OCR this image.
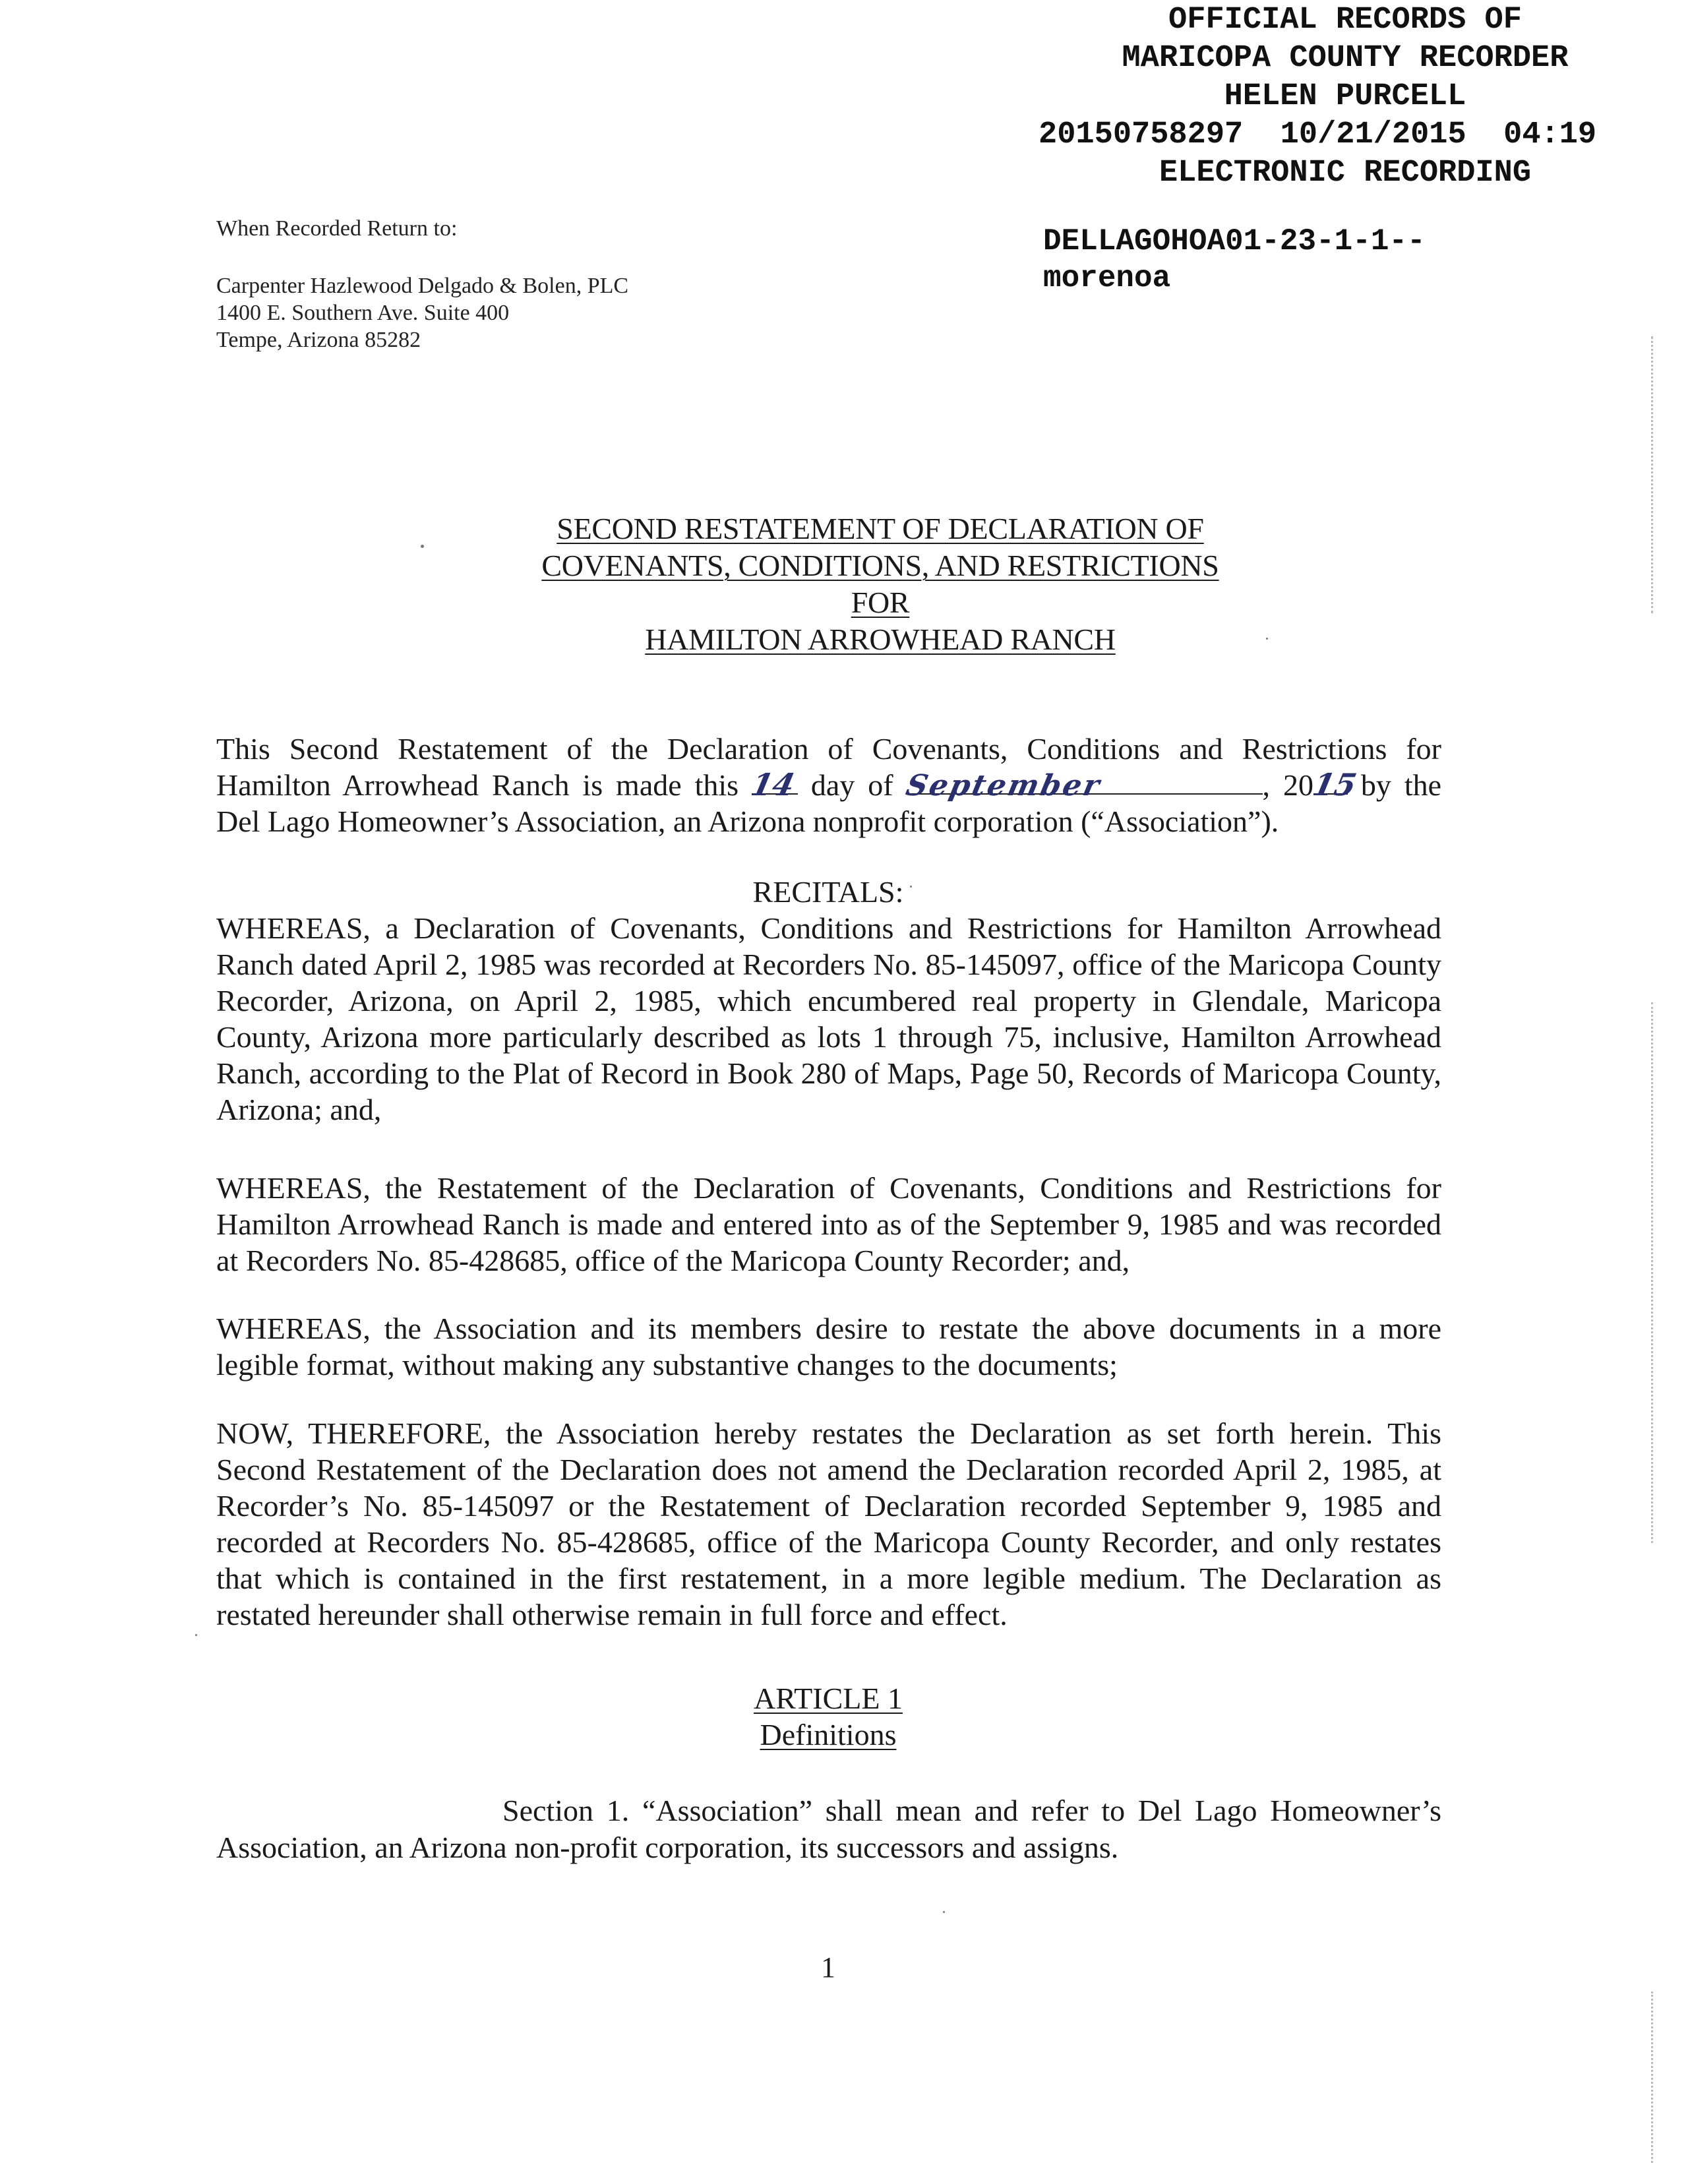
OFFICIAL RECORDS OF
MARICOPA COUNTY RECORDER
HELEN PURCELL
20150758297  10/21/2015  04:19
ELECTRONIC RECORDING
DELLAGOHOA01-23-1-1--
morenoa
When Recorded Return to:
Carpenter Hazlewood Delgado & Bolen, PLC
1400 E. Southern Ave. Suite 400
Tempe, Arizona 85282
SECOND RESTATEMENT OF DECLARATION OF
COVENANTS, CONDITIONS, AND RESTRICTIONS
FOR
HAMILTON ARROWHEAD RANCH
This Second Restatement of the Declaration of Covenants, Conditions and Restrictions for
Hamilton Arrowhead Ranch is made this 14 day of September	, 2015 by the
Del Lago Homeowner’s Association, an Arizona nonprofit corporation (“Association”).
RECITALS:
WHEREAS, a Declaration of Covenants, Conditions and Restrictions for Hamilton Arrowhead Ranch dated April 2, 1985 was recorded at Recorders No. 85-145097, office of the Maricopa County Recorder, Arizona, on April 2, 1985, which encumbered real property in Glendale, Maricopa County, Arizona more particularly described as lots 1 through 75, inclusive, Hamilton Arrowhead Ranch, according to the Plat of Record in Book 280 of Maps, Page 50, Records of Maricopa County, Arizona; and,
WHEREAS, the Restatement of the Declaration of Covenants, Conditions and Restrictions for Hamilton Arrowhead Ranch is made and entered into as of the September 9, 1985 and was recorded at Recorders No. 85-428685, office of the Maricopa County Recorder; and,
WHEREAS, the Association and its members desire to restate the above documents in a more legible format, without making any substantive changes to the documents;
NOW, THEREFORE, the Association hereby restates the Declaration as set forth herein. This Second Restatement of the Declaration does not amend the Declaration recorded April 2, 1985, at Recorder’s No. 85-145097 or the Restatement of Declaration recorded September 9, 1985 and recorded at Recorders No. 85-428685, office of the Maricopa County Recorder, and only restates that which is contained in the first restatement, in a more legible medium. The Declaration as restated hereunder shall otherwise remain in full force and effect.
ARTICLE 1
Definitions
Section 1. “Association” shall mean and refer to Del Lago Homeowner’s Association, an Arizona non-profit corporation, its successors and assigns.
1
